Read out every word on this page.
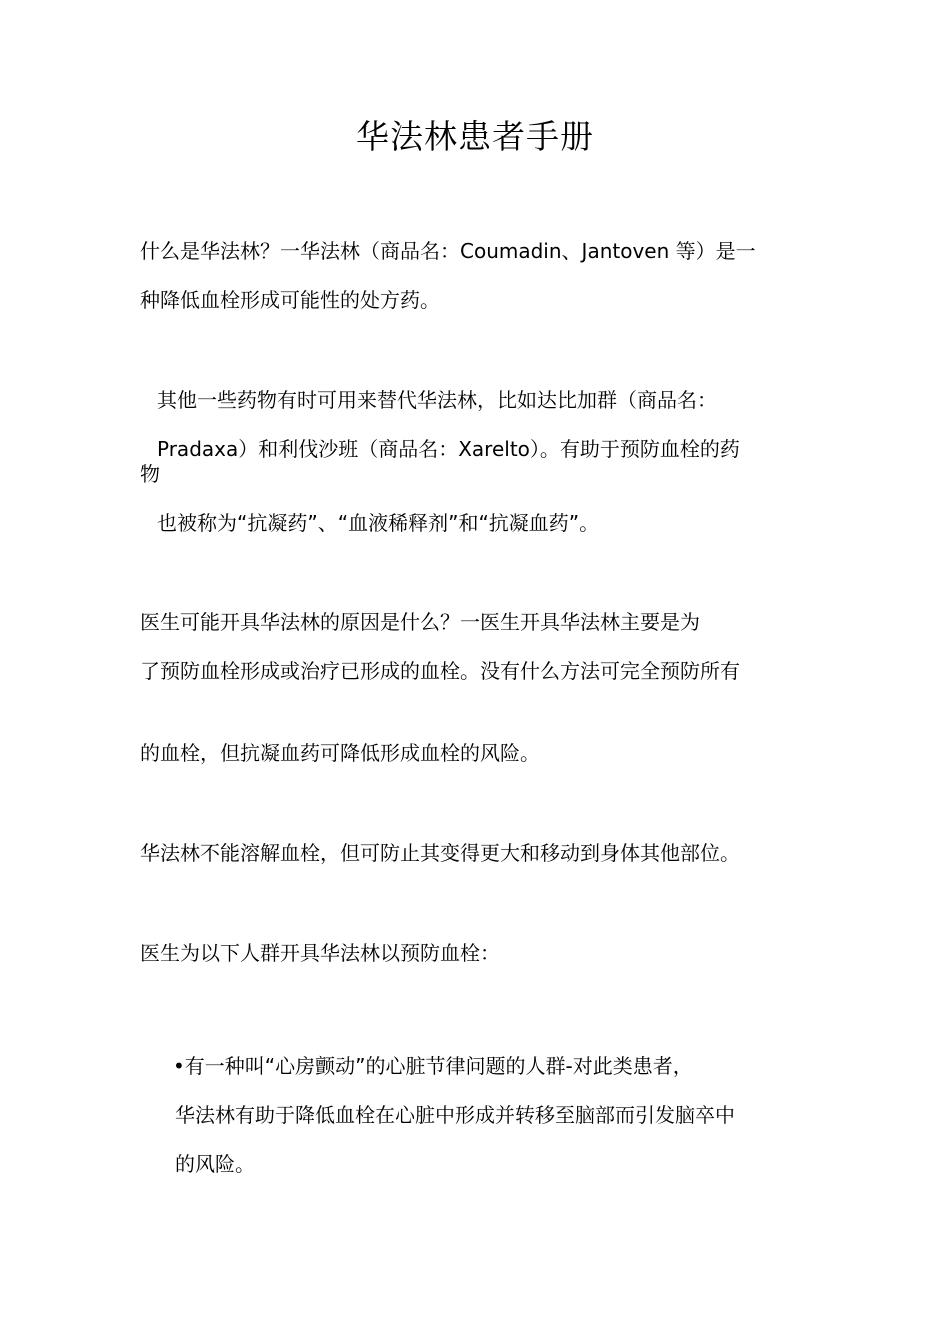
华法林患者手册

什么是华法林？一华法林（商品名：Coumadin、Jantoven 等）是一

种降低血栓形成可能性的处方药。

其他一些药物有时可用来替代华法林，比如达比加群（商品名：

Pradaxa）和利伐沙班（商品名：Xarelto）。有助于预防血栓的药

物

也被称为“抗凝药”、“血液稀释剂”和“抗凝血药”。

医生可能开具华法林的原因是什么？一医生开具华法林主要是为

了预防血栓形成或治疗已形成的血栓。没有什么方法可完全预防所有

的血栓，但抗凝血药可降低形成血栓的风险。

华法林不能溶解血栓，但可防止其变得更大和移动到身体其他部位。

医生为以下人群开具华法林以预防血栓：

•有一种叫“心房颤动”的心脏节律问题的人群-对此类患者，

华法林有助于降低血栓在心脏中形成并转移至脑部而引发脑卒中

的风险。
